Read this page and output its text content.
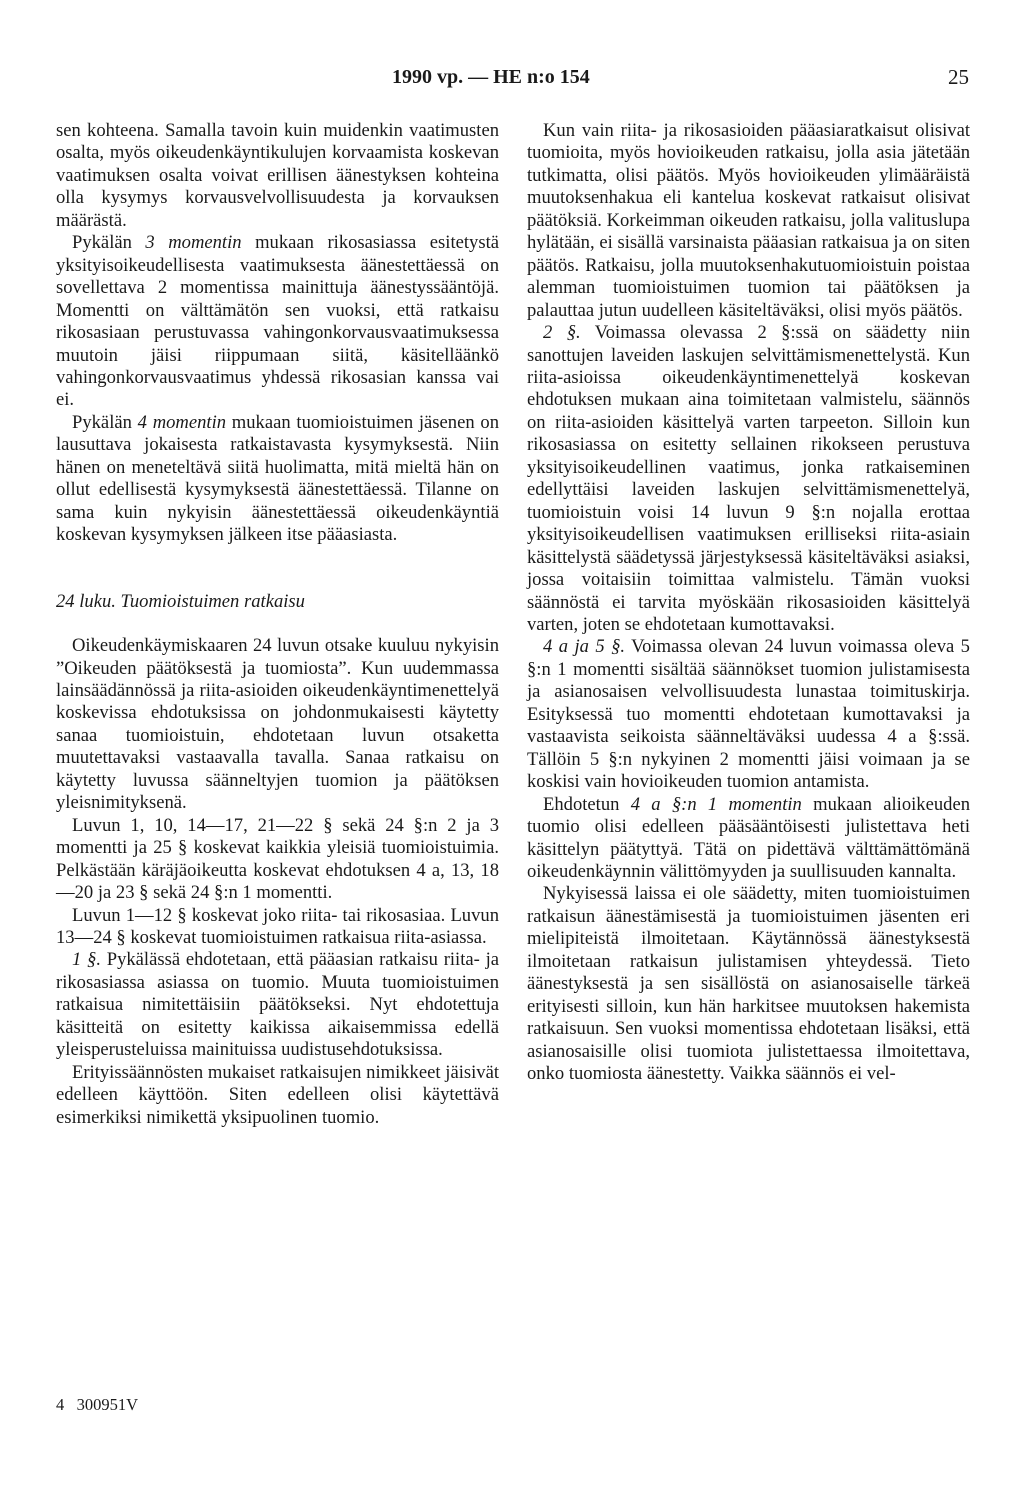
1990 vp. — HE n:o 154	25

sen kohteena. Samalla tavoin kuin muidenkin vaatimusten osalta, myös oikeudenkäyntikulujen korvaamista koskevan vaatimuksen osalta voivat erillisen äänestyksen kohteina olla kysymys korvausvelvollisuudesta ja korvauksen määrästä.

Pykälän 3 momentin mukaan rikosasiassa esitetystä yksityisoikeudellisesta vaatimuksesta äänestettäessä on sovellettava 2 momentissa mainittuja äänestyssääntöjä. Momentti on välttämätön sen vuoksi, että ratkaisu rikosasiaan perustuvassa vahingonkorvausvaatimuksessa muutoin jäisi riippumaan siitä, käsitelläänkö vahingonkorvausvaatimus yhdessä rikosasian kanssa vai ei.

Pykälän 4 momentin mukaan tuomioistuimen jäsenen on lausuttava jokaisesta ratkaistavasta kysymyksestä. Niin hänen on meneteltävä siitä huolimatta, mitä mieltä hän on ollut edellisestä kysymyksestä äänestettäessä. Tilanne on sama kuin nykyisin äänestettäessä oikeudenkäyntiä koskevan kysymyksen jälkeen itse pääasiasta.

24 luku. Tuomioistuimen ratkaisu

Oikeudenkäymiskaaren 24 luvun otsake kuuluu nykyisin ”Oikeuden päätöksestä ja tuomiosta”. Kun uudemmassa lainsäädännössä ja riita-asioiden oikeudenkäyntimenettelyä koskevissa ehdotuksissa on johdonmukaisesti käytetty sanaa tuomioistuin, ehdotetaan luvun otsaketta muutettavaksi vastaavalla tavalla. Sanaa ratkaisu on käytetty luvussa säänneltyjen tuomion ja päätöksen yleisnimityksenä.

Luvun 1, 10, 14—17, 21—22 § sekä 24 §:n 2 ja 3 momentti ja 25 § koskevat kaikkia yleisiä tuomioistuimia. Pelkästään käräjäoikeutta koskevat ehdotuksen 4 a, 13, 18—20 ja 23 § sekä 24 §:n 1 momentti.

Luvun 1—12 § koskevat joko riita- tai rikosasiaa. Luvun 13—24 § koskevat tuomioistuimen ratkaisua riita-asiassa.

1 §. Pykälässä ehdotetaan, että pääasian ratkaisu riita- ja rikosasiassa asiassa on tuomio. Muuta tuomioistuimen ratkaisua nimitettäisiin päätökseksi. Nyt ehdotettuja käsitteitä on esitetty kaikissa aikaisemmissa edellä yleisperusteluissa mainituissa uudistusehdotuksissa.

Erityissäännösten mukaiset ratkaisujen nimikkeet jäisivät edelleen käyttöön. Siten edelleen olisi käytettävä esimerkiksi nimikettä yksipuolinen tuomio.

Kun vain riita- ja rikosasioiden pääasiaratkaisut olisivat tuomioita, myös hovioikeuden ratkaisu, jolla asia jätetään tutkimatta, olisi päätös. Myös hovioikeuden ylimääräistä muutoksenhakua eli kantelua koskevat ratkaisut olisivat päätöksiä. Korkeimman oikeuden ratkaisu, jolla valituslupa hylätään, ei sisällä varsinaista pääasian ratkaisua ja on siten päätös. Ratkaisu, jolla muutoksenhakutuomioistuin poistaa alemman tuomioistuimen tuomion tai päätöksen ja palauttaa jutun uudelleen käsiteltäväksi, olisi myös päätös.

2 §. Voimassa olevassa 2 §:ssä on säädetty niin sanottujen laveiden laskujen selvittämismenettelystä. Kun riita-asioissa oikeudenkäyntimenettelyä koskevan ehdotuksen mukaan aina toimitetaan valmistelu, säännös on riita-asioiden käsittelyä varten tarpeeton. Silloin kun rikosasiassa on esitetty sellainen rikokseen perustuva yksityisoikeudellinen vaatimus, jonka ratkaiseminen edellyttäisi laveiden laskujen selvittämismenettelyä, tuomioistuin voisi 14 luvun 9 §:n nojalla erottaa yksityisoikeudellisen vaatimuksen erilliseksi riita-asiain käsittelystä säädetyssä järjestyksessä käsiteltäväksi asiaksi, jossa voitaisiin toimittaa valmistelu. Tämän vuoksi säännöstä ei tarvita myöskään rikosasioiden käsittelyä varten, joten se ehdotetaan kumottavaksi.

4 a ja 5 §. Voimassa olevan 24 luvun voimassa oleva 5 §:n 1 momentti sisältää säännökset tuomion julistamisesta ja asianosaisen velvollisuudesta lunastaa toimituskirja. Esityksessä tuo momentti ehdotetaan kumottavaksi ja vastaavista seikoista säänneltäväksi uudessa 4 a §:ssä. Tällöin 5 §:n nykyinen 2 momentti jäisi voimaan ja se koskisi vain hovioikeuden tuomion antamista.

Ehdotetun 4 a §:n 1 momentin mukaan alioikeuden tuomio olisi edelleen pääsääntöisesti julistettava heti käsittelyn päätyttyä. Tätä on pidettävä välttämättömänä oikeudenkäynnin välittömyyden ja suullisuuden kannalta.

Nykyisessä laissa ei ole säädetty, miten tuomioistuimen ratkaisun äänestämisestä ja tuomioistuimen jäsenten eri mielipiteistä ilmoitetaan. Käytännössä äänestyksestä ilmoitetaan ratkaisun julistamisen yhteydessä. Tieto äänestyksestä ja sen sisällöstä on asianosaiselle tärkeä erityisesti silloin, kun hän harkitsee muutoksen hakemista ratkaisuun. Sen vuoksi momentissa ehdotetaan lisäksi, että asianosaisille olisi tuomiota julistettaessa ilmoitettava, onko tuomiosta äänestetty. Vaikka säännös ei vel-

4   300951V
